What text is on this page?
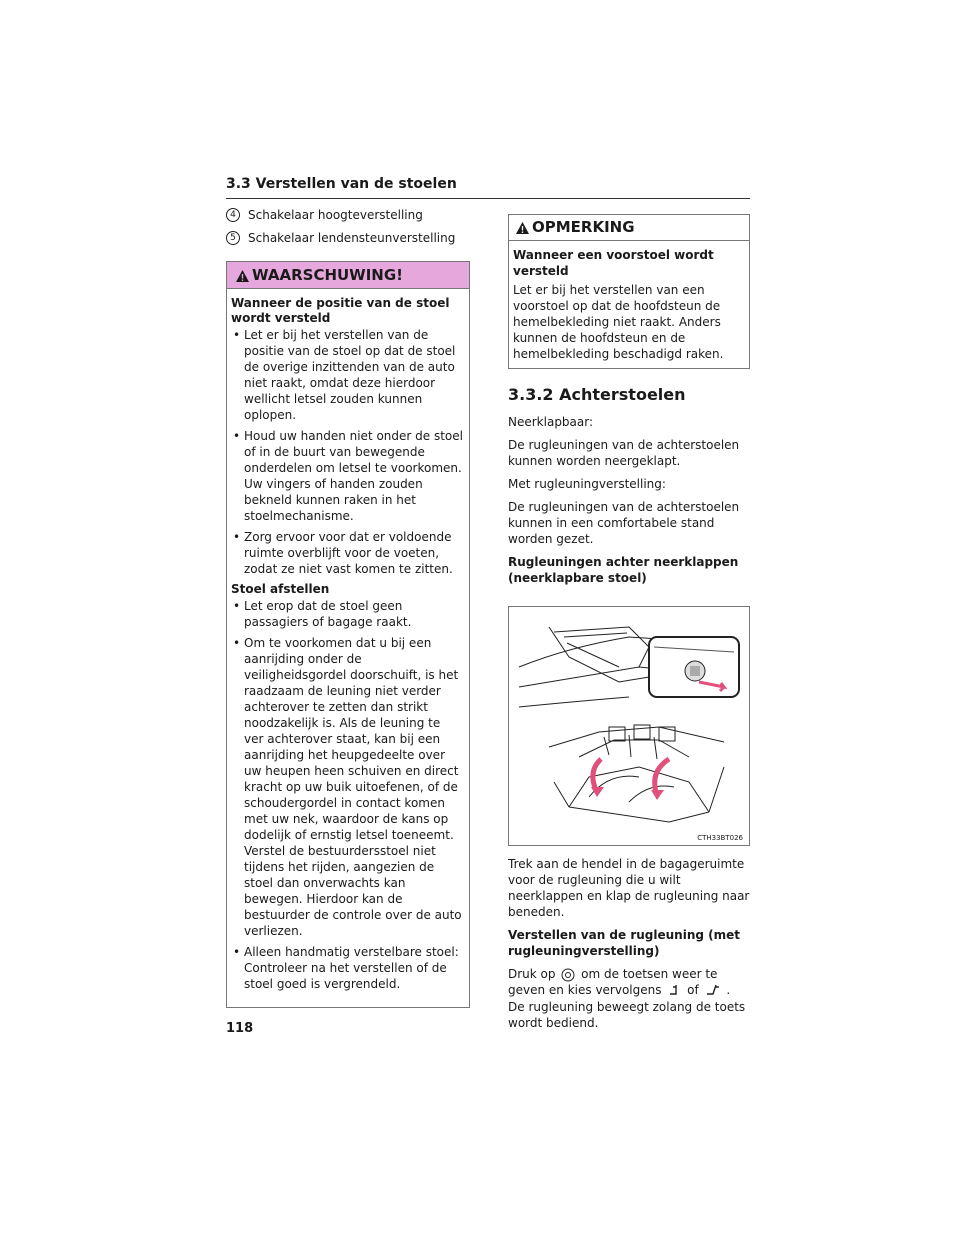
3.3 Verstellen van de stoelen
4	Schakelaar hoogteverstelling
5	Schakelaar lendensteunverstelling
WAARSCHUWING!
Wanneer de positie van de stoel wordt versteld
• Let er bij het verstellen van de positie van de stoel op dat de stoel de overige inzittenden van de auto niet raakt, omdat deze hierdoor wellicht letsel zouden kunnen oplopen.
• Houd uw handen niet onder de stoel of in de buurt van bewegende onderdelen om letsel te voorkomen. Uw vingers of handen zouden bekneld kunnen raken in het stoelmechanisme.
• Zorg ervoor voor dat er voldoende ruimte overblijft voor de voeten, zodat ze niet vast komen te zitten.
Stoel afstellen
• Let erop dat de stoel geen passagiers of bagage raakt.
• Om te voorkomen dat u bij een aanrijding onder de veiligheidsgordel doorschuift, is het raadzaam de leuning niet verder achterover te zetten dan strikt noodzakelijk is. Als de leuning te ver achterover staat, kan bij een aanrijding het heupgedeelte over uw heupen heen schuiven en direct kracht op uw buik uitoefenen, of de schoudergordel in contact komen met uw nek, waardoor de kans op dodelijk of ernstig letsel toeneemt. Verstel de bestuurdersstoel niet tijdens het rijden, aangezien de stoel dan onverwachts kan bewegen. Hierdoor kan de bestuurder de controle over de auto verliezen.
• Alleen handmatig verstelbare stoel: Controleer na het verstellen of de stoel goed is vergrendeld.
OPMERKING
Wanneer een voorstoel wordt versteld
Let er bij het verstellen van een voorstoel op dat de hoofdsteun de hemelbekleding niet raakt. Anders kunnen de hoofdsteun en de hemelbekleding beschadigd raken.
3.3.2 Achterstoelen

Neerklapbaar:

De rugleuningen van de achterstoelen kunnen worden neergeklapt.

Met rugleuningverstelling:

De rugleuningen van de achterstoelen kunnen in een comfortabele stand worden gezet.

Rugleuningen achter neerklappen (neerklapbare stoel)

CTH33BT026

Trek aan de hendel in de bagageruimte voor de rugleuning die u wilt neerklappen en klap de rugleuning naar beneden.

Verstellen van de rugleuning (met rugleuningverstelling)

Druk op om de toetsen weer te geven en kies vervolgens of . De rugleuning beweegt zolang de toets wordt bediend.

118
